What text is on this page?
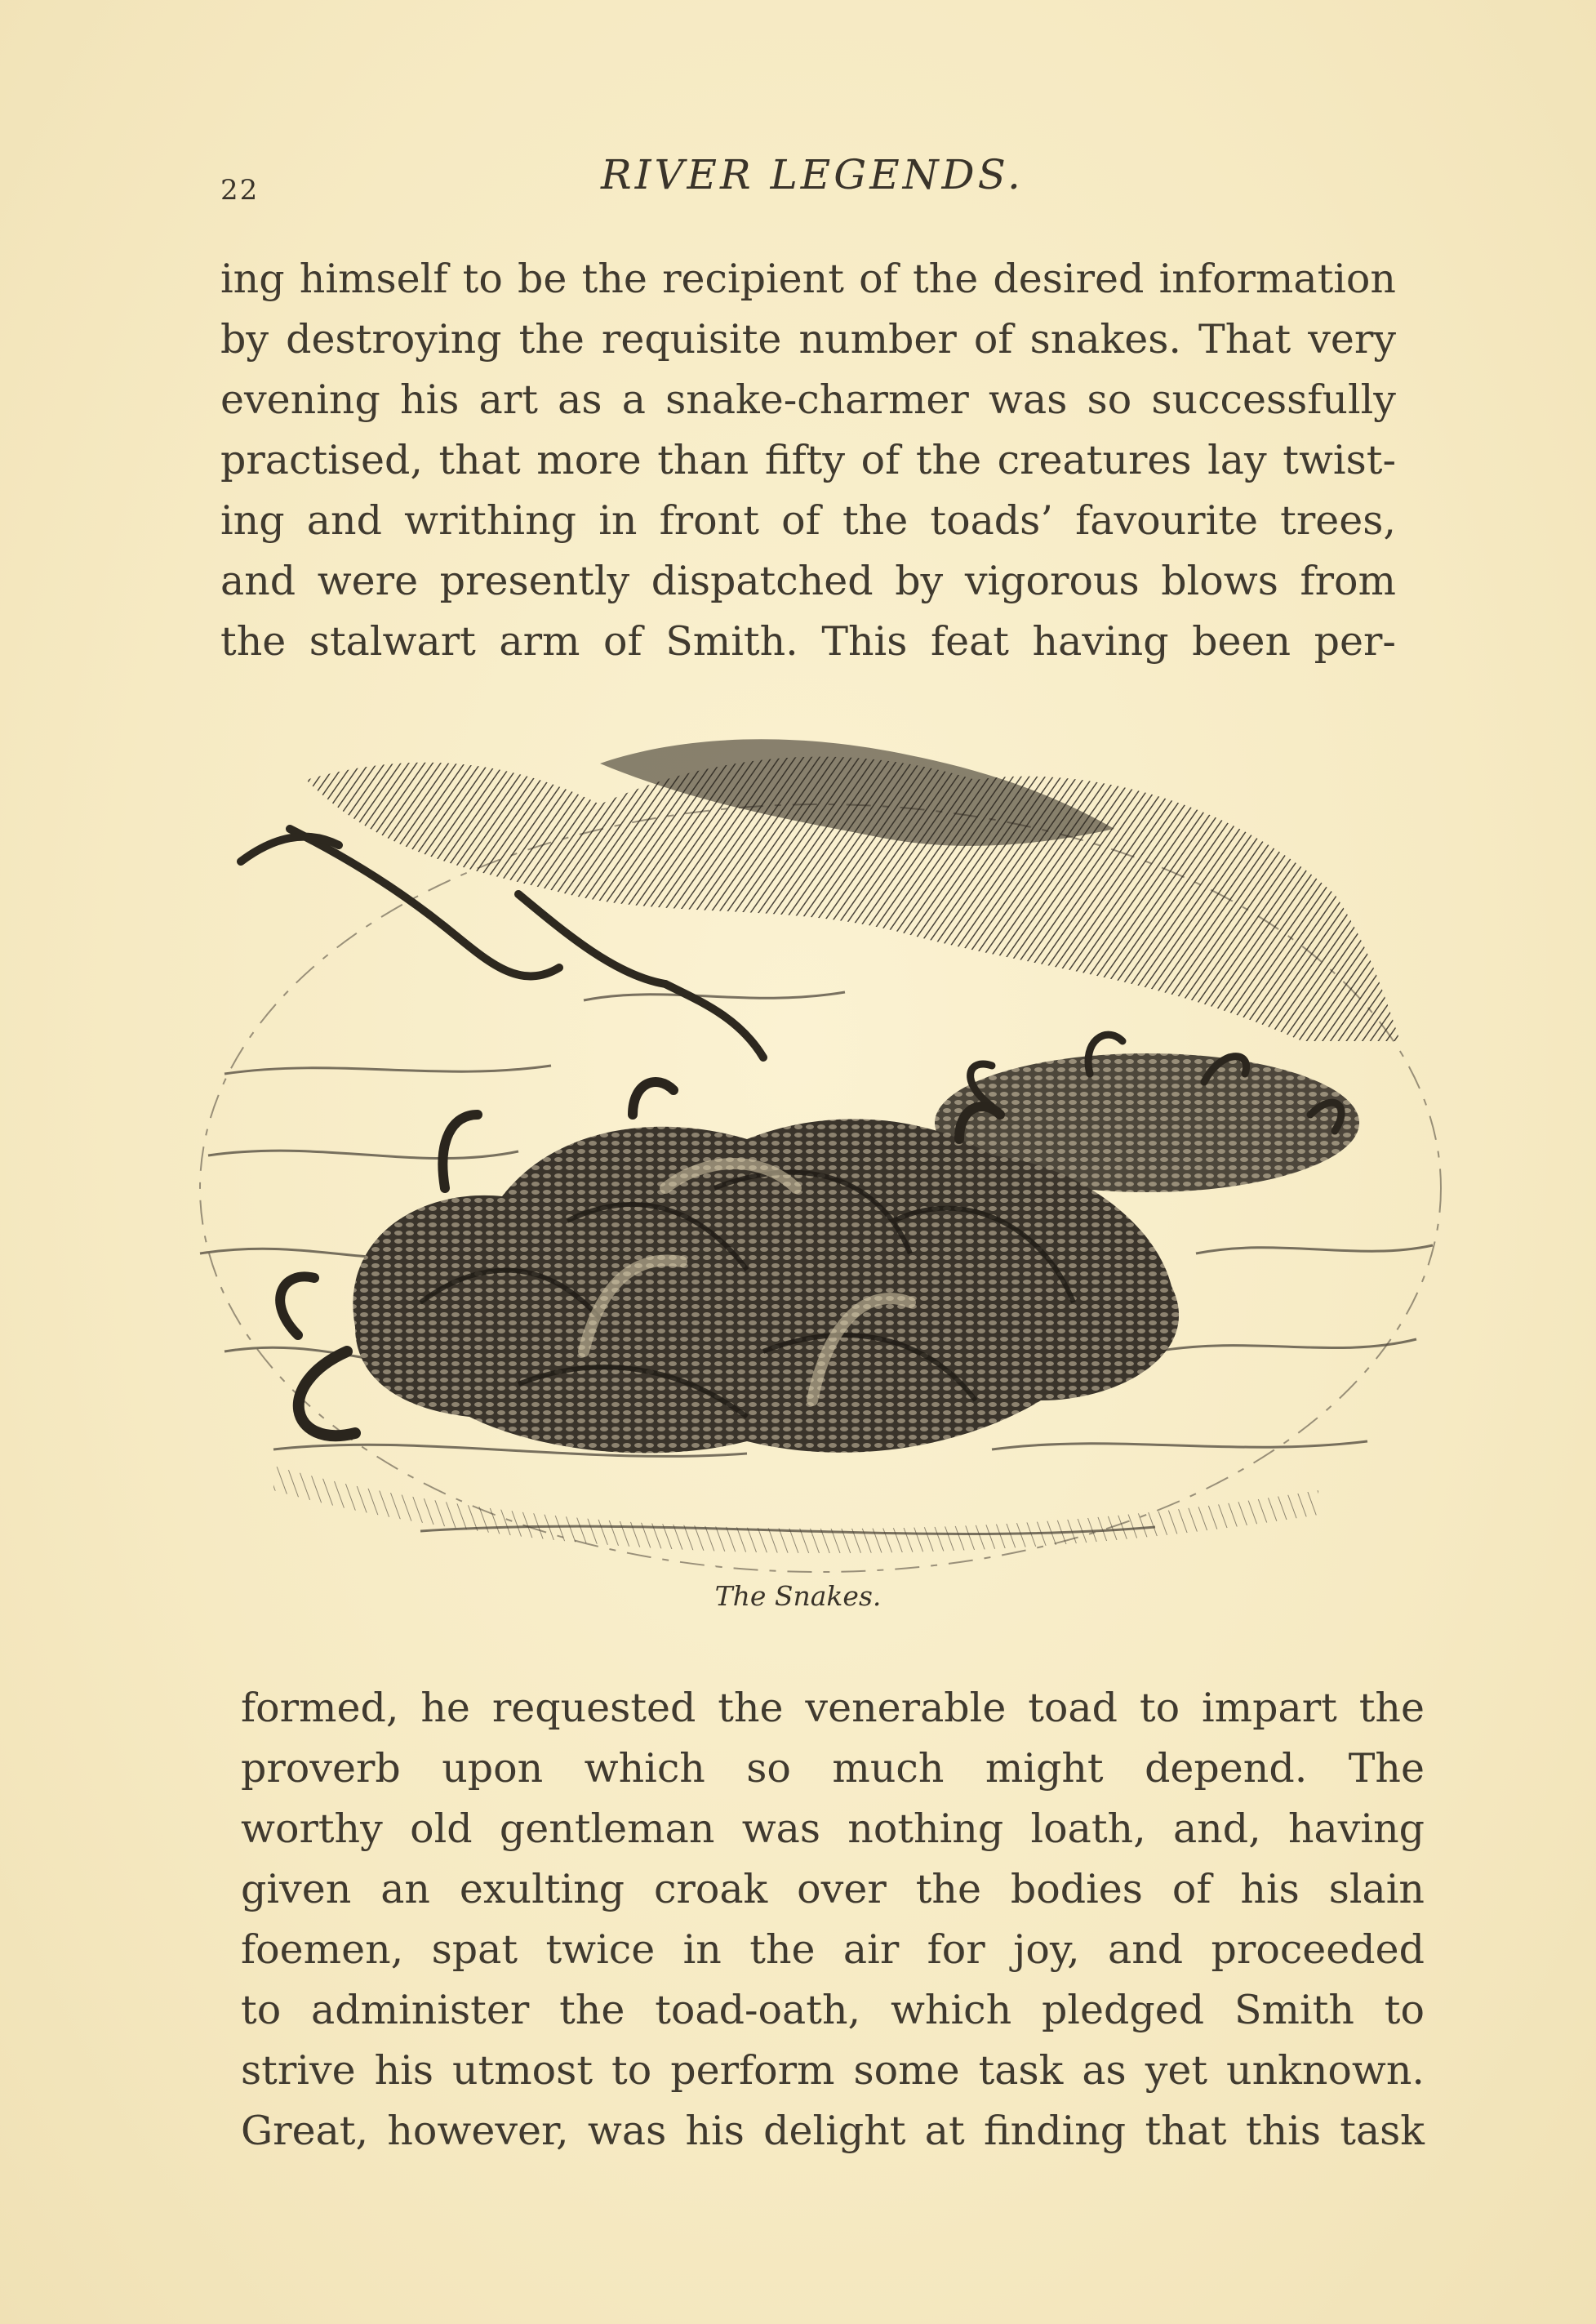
22	RIVER LEGENDS.
ing himself to be the recipient of the desired information
by destroying the requisite number of snakes. That very
evening his art as a snake-charmer was so successfully
practised, that more than fifty of the creatures lay twist-
ing and writhing in front of the toads’ favourite trees,
and were presently dispatched by vigorous blows from
the stalwart arm of Smith. This feat having been per-
The Snakes.
formed, he requested the venerable toad to impart the
proverb upon which so much might depend. The
worthy old gentleman was nothing loath, and, having
given an exulting croak over the bodies of his slain
foemen, spat twice in the air for joy, and proceeded
to administer the toad-oath, which pledged Smith to
strive his utmost to perform some task as yet unknown.
Great, however, was his delight at finding that this task
